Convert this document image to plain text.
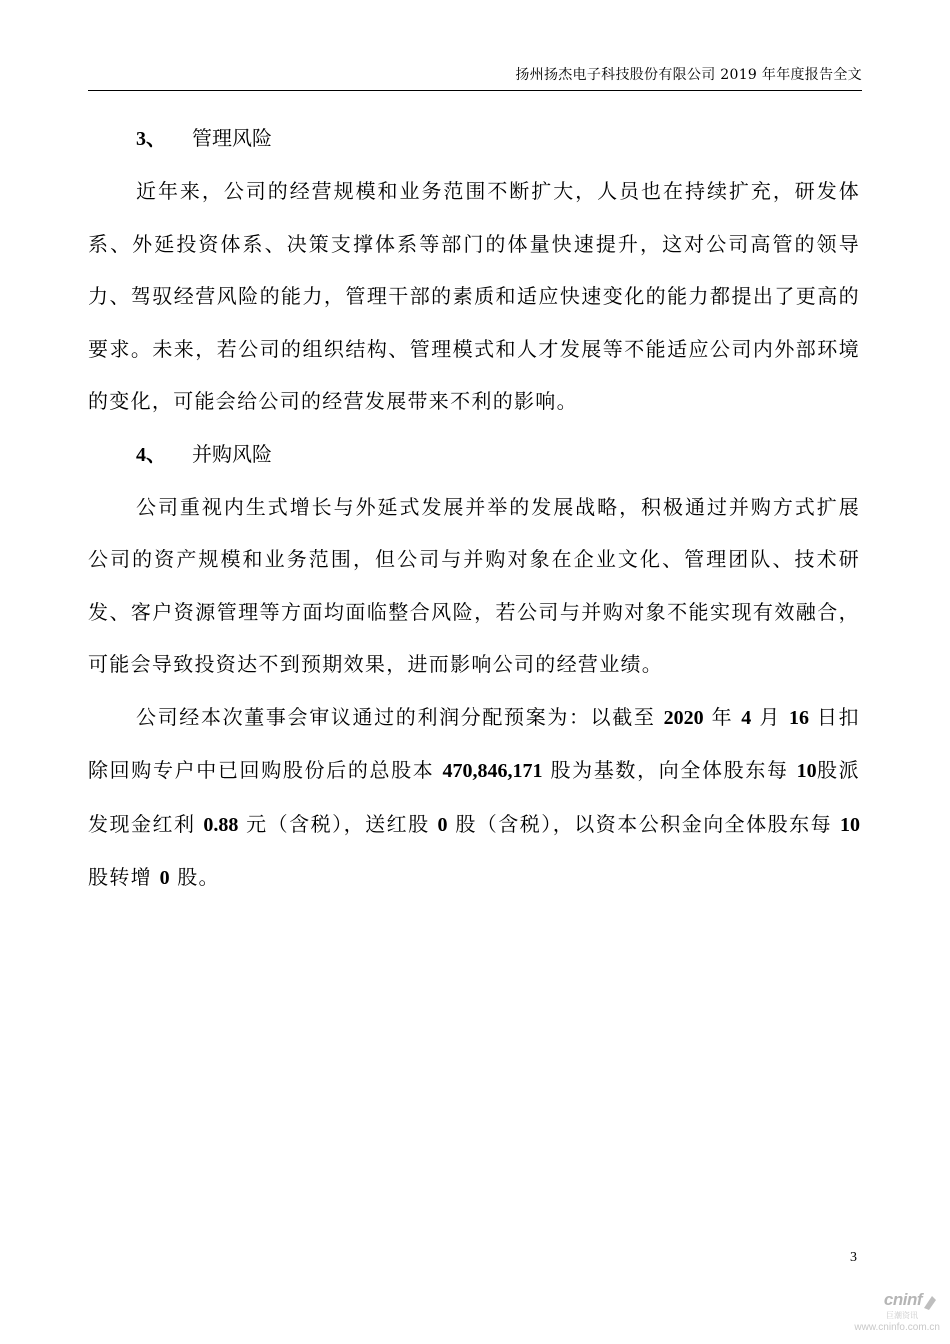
扬州扬杰电子科技股份有限公司 2019 年年度报告全文

3、 管理风险

近年来，公司的经营规模和业务范围不断扩大，人员也在持续扩充，研发体系、外延投资体系、决策支撑体系等部门的体量快速提升，这对公司高管的领导力、驾驭经营风险的能力，管理干部的素质和适应快速变化的能力都提出了更高的要求。未来，若公司的组织结构、管理模式和人才发展等不能适应公司内外部环境的变化，可能会给公司的经营发展带来不利的影响。

4、 并购风险

公司重视内生式增长与外延式发展并举的发展战略，积极通过并购方式扩展公司的资产规模和业务范围，但公司与并购对象在企业文化、管理团队、技术研发、客户资源管理等方面均面临整合风险，若公司与并购对象不能实现有效融合，可能会导致投资达不到预期效果，进而影响公司的经营业绩。

公司经本次董事会审议通过的利润分配预案为：以截至 2020 年 4 月 16 日扣除回购专户中已回购股份后的总股本 470,846,171 股为基数，向全体股东每 10股派发现金红利 0.88 元（含税），送红股 0 股（含税），以资本公积金向全体股东每 10 股转增 0 股。

3
cninf
巨潮资讯
www.cninfo.com.cn
